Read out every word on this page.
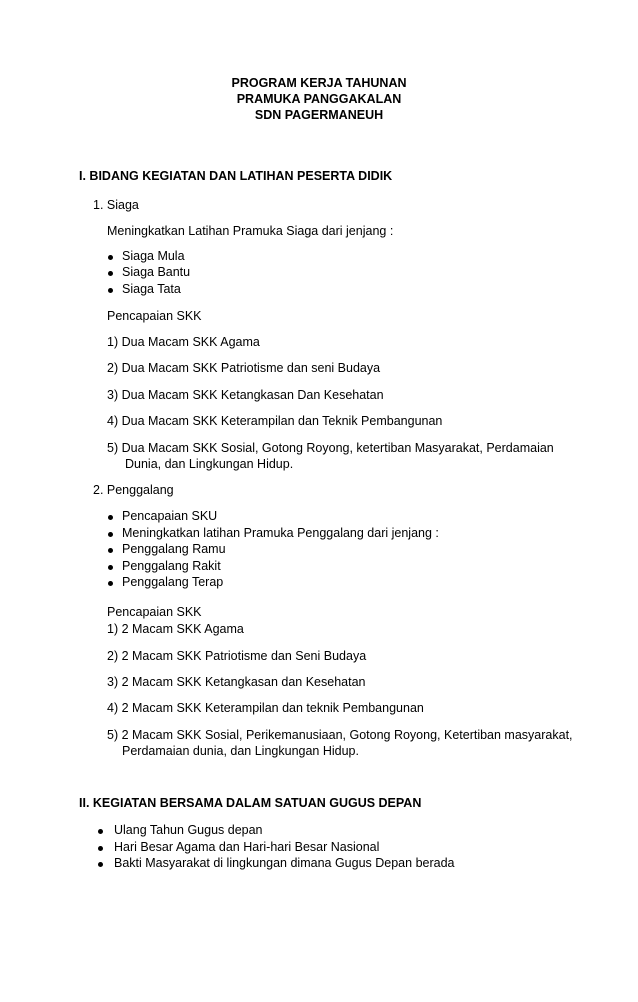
PROGRAM KERJA TAHUNAN
PRAMUKA PANGGAKALAN
SDN PAGERMANEUH
I. BIDANG KEGIATAN DAN LATIHAN PESERTA DIDIK
1. Siaga
Meningkatkan Latihan Pramuka Siaga dari jenjang :
Siaga Mula
Siaga Bantu
Siaga Tata
Pencapaian SKK
1) Dua Macam SKK Agama
2) Dua Macam SKK Patriotisme dan seni Budaya
3) Dua Macam SKK Ketangkasan Dan Kesehatan
4) Dua Macam SKK Keterampilan dan Teknik Pembangunan
5) Dua Macam SKK Sosial, Gotong Royong, ketertiban Masyarakat, Perdamaian
Dunia, dan Lingkungan Hidup.
2. Penggalang
Pencapaian SKU
Meningkatkan latihan Pramuka Penggalang dari jenjang :
Penggalang Ramu
Penggalang Rakit
Penggalang Terap
Pencapaian SKK
1) 2 Macam SKK Agama
2) 2 Macam SKK Patriotisme dan Seni Budaya
3) 2 Macam SKK Ketangkasan dan Kesehatan
4) 2 Macam SKK Keterampilan dan teknik Pembangunan
5) 2 Macam SKK Sosial, Perikemanusiaan, Gotong Royong, Ketertiban masyarakat,
Perdamaian dunia, dan Lingkungan Hidup.
II. KEGIATAN BERSAMA DALAM SATUAN GUGUS DEPAN
Ulang Tahun Gugus depan
Hari Besar Agama dan Hari-hari Besar Nasional
Bakti Masyarakat di lingkungan dimana Gugus Depan berada
